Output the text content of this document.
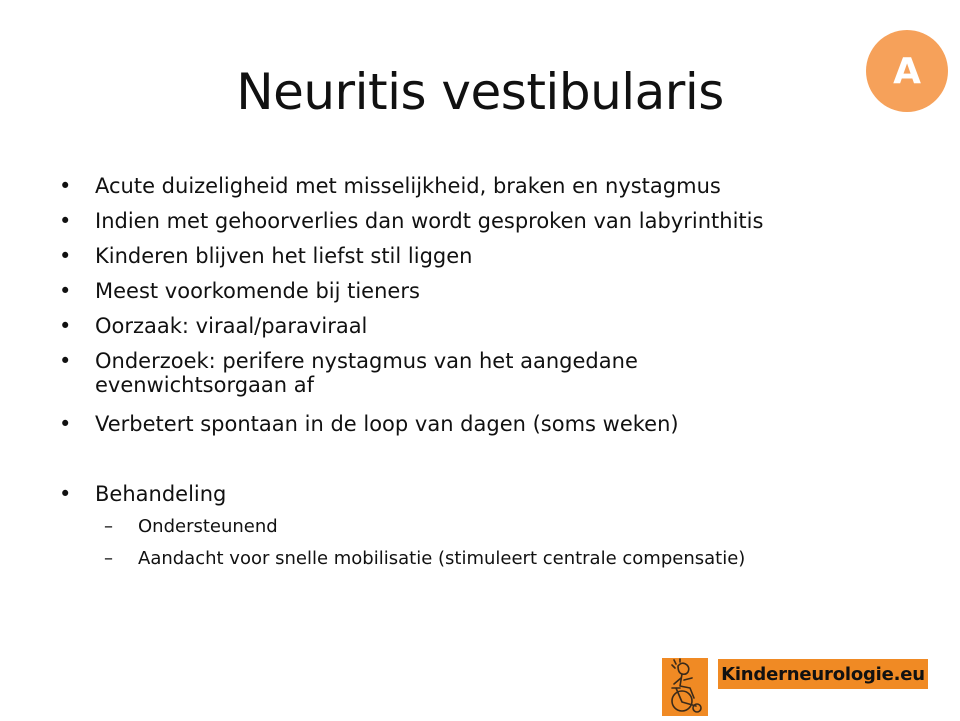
Neuritis vestibularis	A
•	Acute duizeligheid met misselijkheid, braken en nystagmus
•	Indien met gehoorverlies dan wordt gesproken van labyrinthitis
•	Kinderen blijven het liefst stil liggen
•	Meest voorkomende bij tieners
•	Oorzaak: viraal/paraviraal
•	Onderzoek: perifere nystagmus van het aangedane
evenwichtsorgaan af
•	Verbetert spontaan in de loop van dagen (soms weken)
•	Behandeling
– Ondersteunend
– Aandacht voor snelle mobilisatie (stimuleert centrale compensatie)
Kinderneurologie.eu
